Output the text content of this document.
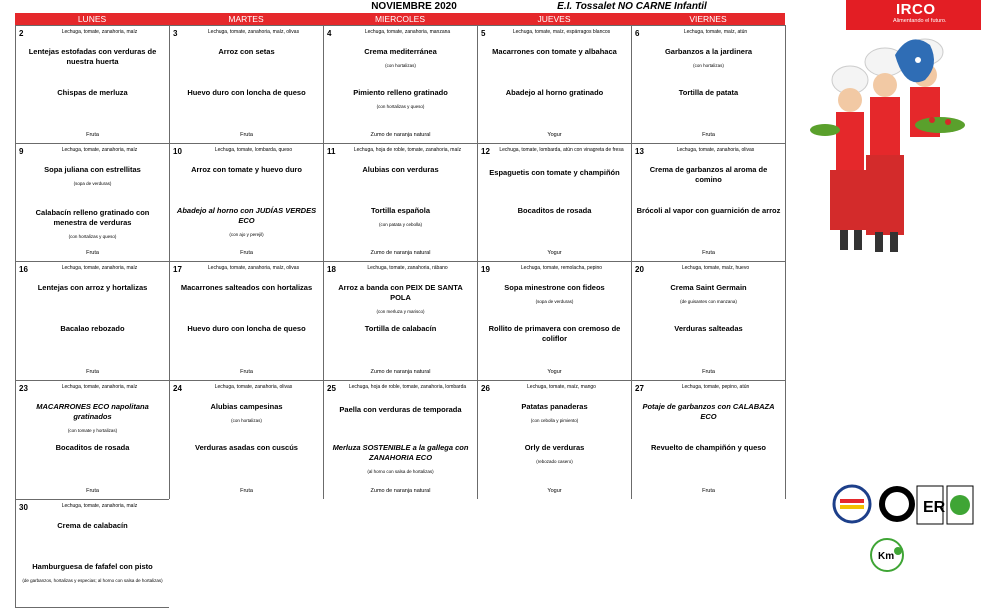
NOVIEMBRE 2020	E.I. Tossalet NO CARNE Infantil
LUNES	MARTES	MIERCOLES	JUEVES	VIERNES
2	Lechuga, tomate, zanahoria, maíz
Lentejas estofadas con verduras de nuestra huerta
Chispas de merluza
Fruta
3	Lechuga, tomate, zanahoria, maíz, olivas
Arroz con setas
Huevo duro con loncha de queso
Fruta
4	Lechuga, tomate, zanahoria, manzana
Crema mediterránea
(con hortalizas)
Pimiento relleno gratinado
(con hortalizas y queso)
Zumo de naranja natural
5	Lechuga, tomate, maíz, espárragos blancos
Macarrones con tomate y albahaca
Abadejo al horno gratinado
Yogur
6	Lechuga, tomate, maíz, atún
Garbanzos a la jardinera
(con hortalizas)
Tortilla de patata
Fruta
9	Lechuga, tomate, zanahoria, maíz
Sopa juliana con estrellitas
(sopa de verduras)
Calabacín relleno gratinado con menestra de verduras
(con hortalizas y queso)
Fruta
10	Lechuga, tomate, lombarda, queso
Arroz con tomate y huevo duro
Abadejo al horno con JUDÍAS VERDES ECO
(con ajo y perejil)
Fruta
11	Lechuga, hoja de roble, tomate, zanahoria, maíz
Alubias con verduras
Tortilla española
(con patata y cebolla)
Zumo de naranja natural
12	Lechuga, tomate, lombarda, atún con vinagreta de fresa
Espaguetis con tomate y champiñón
Bocaditos de rosada
Yogur
13	Lechuga, tomate, zanahoria, olivas
Crema de garbanzos al aroma de comino
Brócoli al vapor con guarnición de arroz
Fruta
16	Lechuga, tomate, zanahoria, maíz
Lentejas con arroz y hortalizas
Bacalao rebozado
Fruta
17	Lechuga, tomate, zanahoria, maíz, olivas
Macarrones salteados con hortalizas
Huevo duro con loncha de queso
Fruta
18	Lechuga, tomate, zanahoria, rábano
Arroz a banda con PEIX DE SANTA POLA
(con merluza y marisco)
Tortilla de calabacín
Zumo de naranja natural
19	Lechuga, tomate, remolacha, pepino
Sopa minestrone con fideos
(sopa de verduras)
Rollito de primavera con cremoso de coliflor
Yogur
20	Lechuga, tomate, maíz, huevo
Crema Saint Germain
(de guisantes con manzana)
Verduras salteadas
Fruta
23	Lechuga, tomate, zanahoria, maíz
MACARRONES ECO napolitana gratinados
(con tomate y hortalizas)
Bocaditos de rosada
Fruta
24	Lechuga, tomate, zanahoria, olivas
Alubias campesinas
(con hortalizas)
Verduras asadas con cuscús
Fruta
25	Lechuga, hoja de roble, tomate, zanahoria, lombarda
Paella con verduras de temporada
Merluza SOSTENIBLE a la gallega con ZANAHORIA ECO
(al horno con salsa de hortalizas)
Zumo de naranja natural
26	Lechuga, tomate, maíz, mango
Patatas panaderas
(con cebolla y pimiento)
Orly de verduras
(rebozado casero)
Yogur
27	Lechuga, tomate, pepino, atún
Potaje de garbanzos con CALABAZA ECO
Revuelto de champiñón y queso
Fruta
30	Lechuga, tomate, zanahoria, maíz
Crema de calabacín
Hamburguesa de fafafel con pisto
(de garbanzos, hortalizas y especias; al horno con salsa de hortalizas)
IRCO
Alimentando el futuro.
ER
Km
